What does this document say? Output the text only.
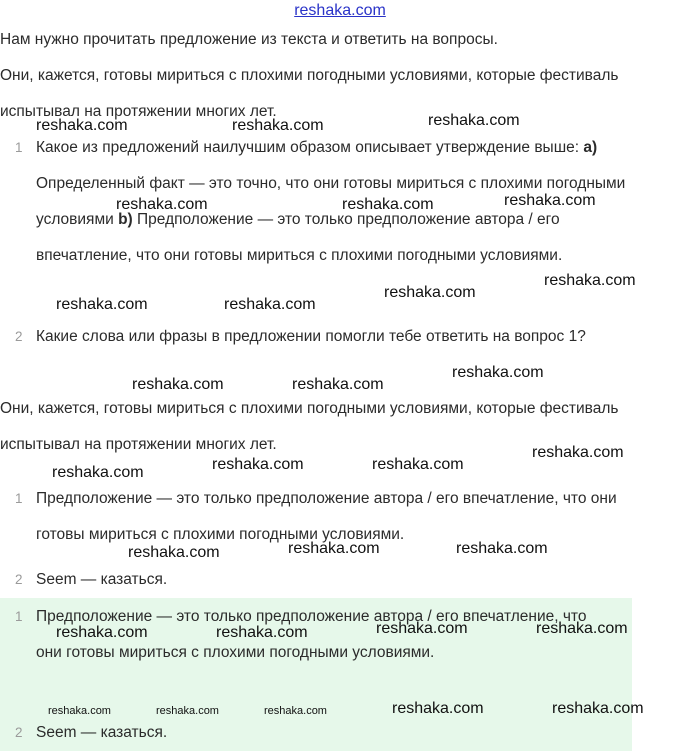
reshaka.com
Нам нужно прочитать предложение из текста и ответить на вопросы.
Они, кажется, готовы мириться с плохими погодными условиями, которые фестиваль испытывал на протяжении многих лет.
1 Какое из предложений наилучшим образом описывает утверждение выше: a) Определенный факт — это точно, что они готовы мириться с плохими погодными условиями b) Предположение — это только предположение автора / его впечатление, что они готовы мириться с плохими погодными условиями.
2 Какие слова или фразы в предложении помогли тебе ответить на вопрос 1?
Они, кажется, готовы мириться с плохими погодными условиями, которые фестиваль испытывал на протяжении многих лет.
1 Предположение — это только предположение автора / его впечатление, что они готовы мириться с плохими погодными условиями.
2 Seem — казаться.
1 Предположение — это только предположение автора / его впечатление, что они готовы мириться с плохими погодными условиями.
2 Seem — казаться.
reshaka.com	reshaka.com	reshaka.com
reshaka.com	reshaka.com	reshaka.com
reshaka.com
reshaka.com
reshaka.com	reshaka.com
reshaka.com
reshaka.com	reshaka.com
reshaka.com
reshaka.com	reshaka.com
reshaka.com
reshaka.com	reshaka.com
reshaka.com
reshaka.com	reshaka.com
reshaka.com	reshaka.com
reshaka.com	reshaka.com	reshaka.com	reshaka.com	reshaka.com
